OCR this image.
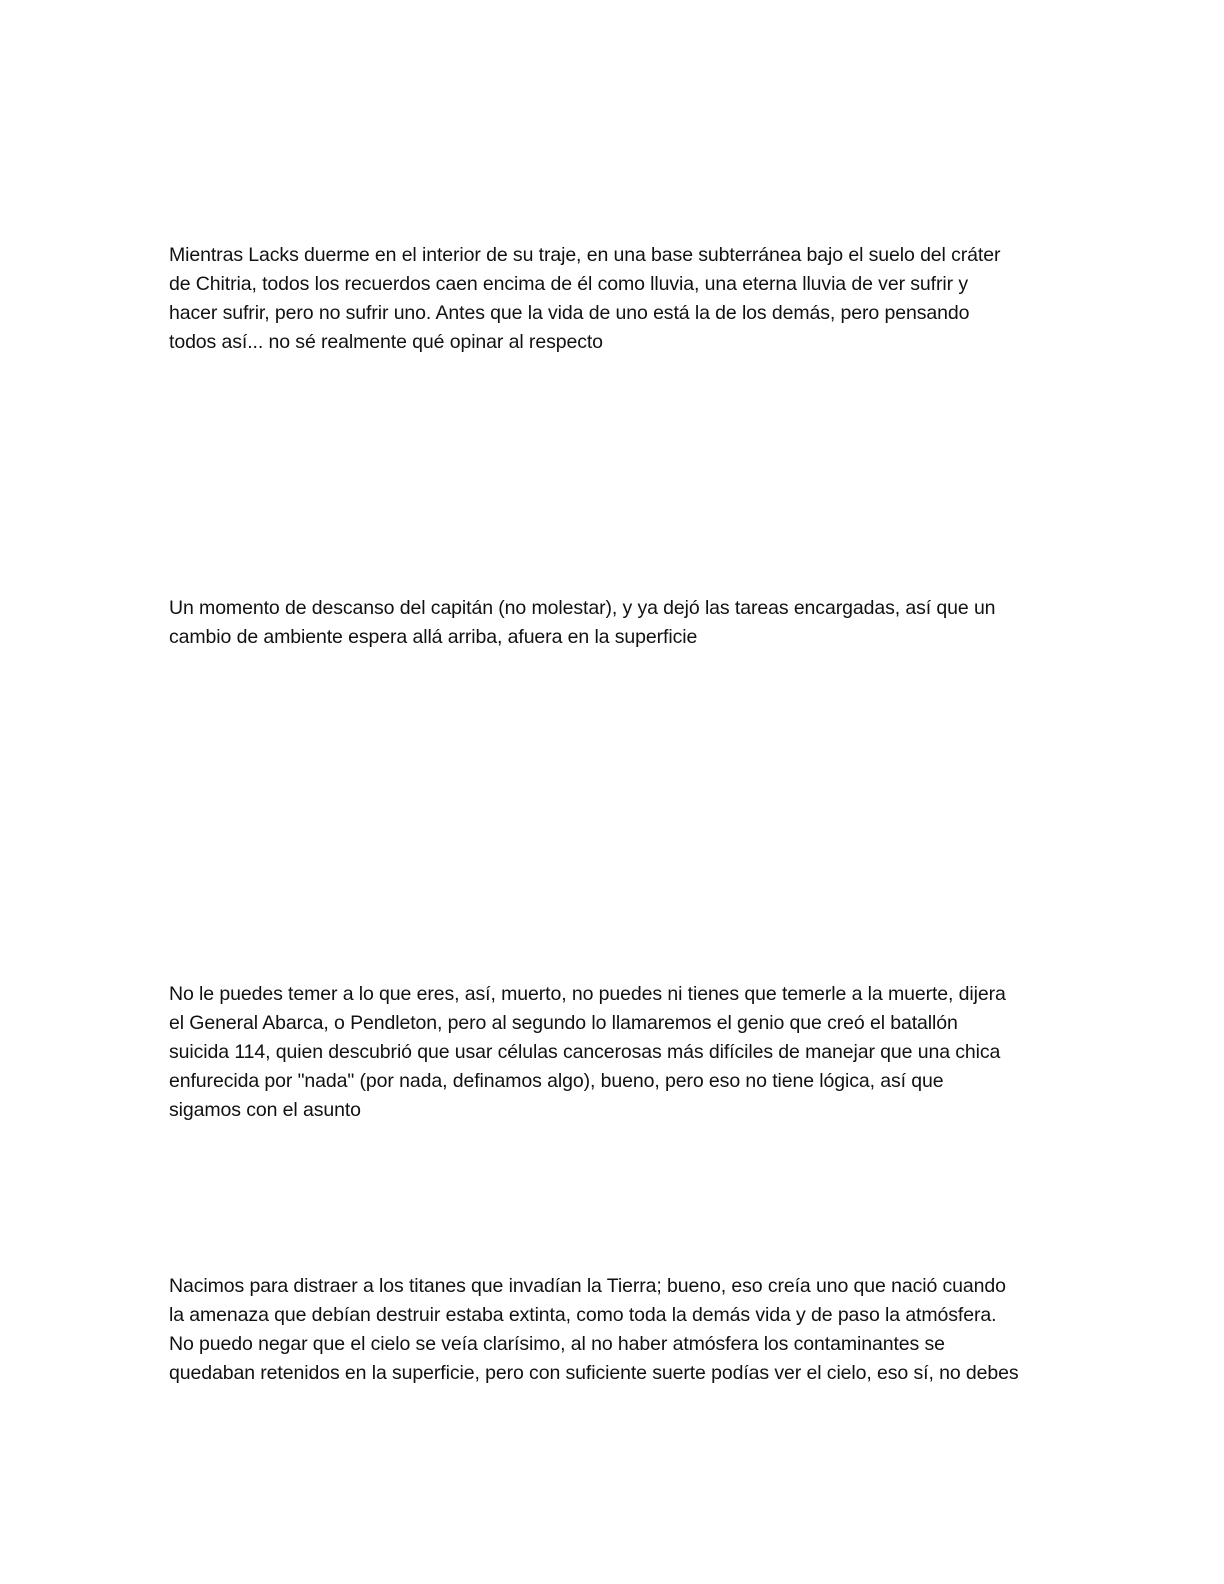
Mientras Lacks duerme en el interior de su traje, en una base subterránea bajo el suelo del cráter
de Chitria, todos los recuerdos caen encima de él como lluvia, una eterna lluvia de ver sufrir y
hacer sufrir, pero no sufrir uno. Antes que la vida de uno está la de los demás, pero pensando
todos así... no sé realmente qué opinar al respecto

Un momento de descanso del capitán (no molestar), y ya dejó las tareas encargadas, así que un
cambio de ambiente espera allá arriba, afuera en la superficie

No le puedes temer a lo que eres, así, muerto, no puedes ni tienes que temerle a la muerte, dijera
el General Abarca, o Pendleton, pero al segundo lo llamaremos el genio que creó el batallón
suicida 114, quien descubrió que usar células cancerosas más difíciles de manejar que una chica
enfurecida por "nada" (por nada, definamos algo), bueno, pero eso no tiene lógica, así que
sigamos con el asunto

Nacimos para distraer a los titanes que invadían la Tierra; bueno, eso creía uno que nació cuando
la amenaza que debían destruir estaba extinta, como toda la demás vida y de paso la atmósfera.
No puedo negar que el cielo se veía clarísimo, al no haber atmósfera los contaminantes se
quedaban retenidos en la superficie, pero con suficiente suerte podías ver el cielo, eso sí, no debes
